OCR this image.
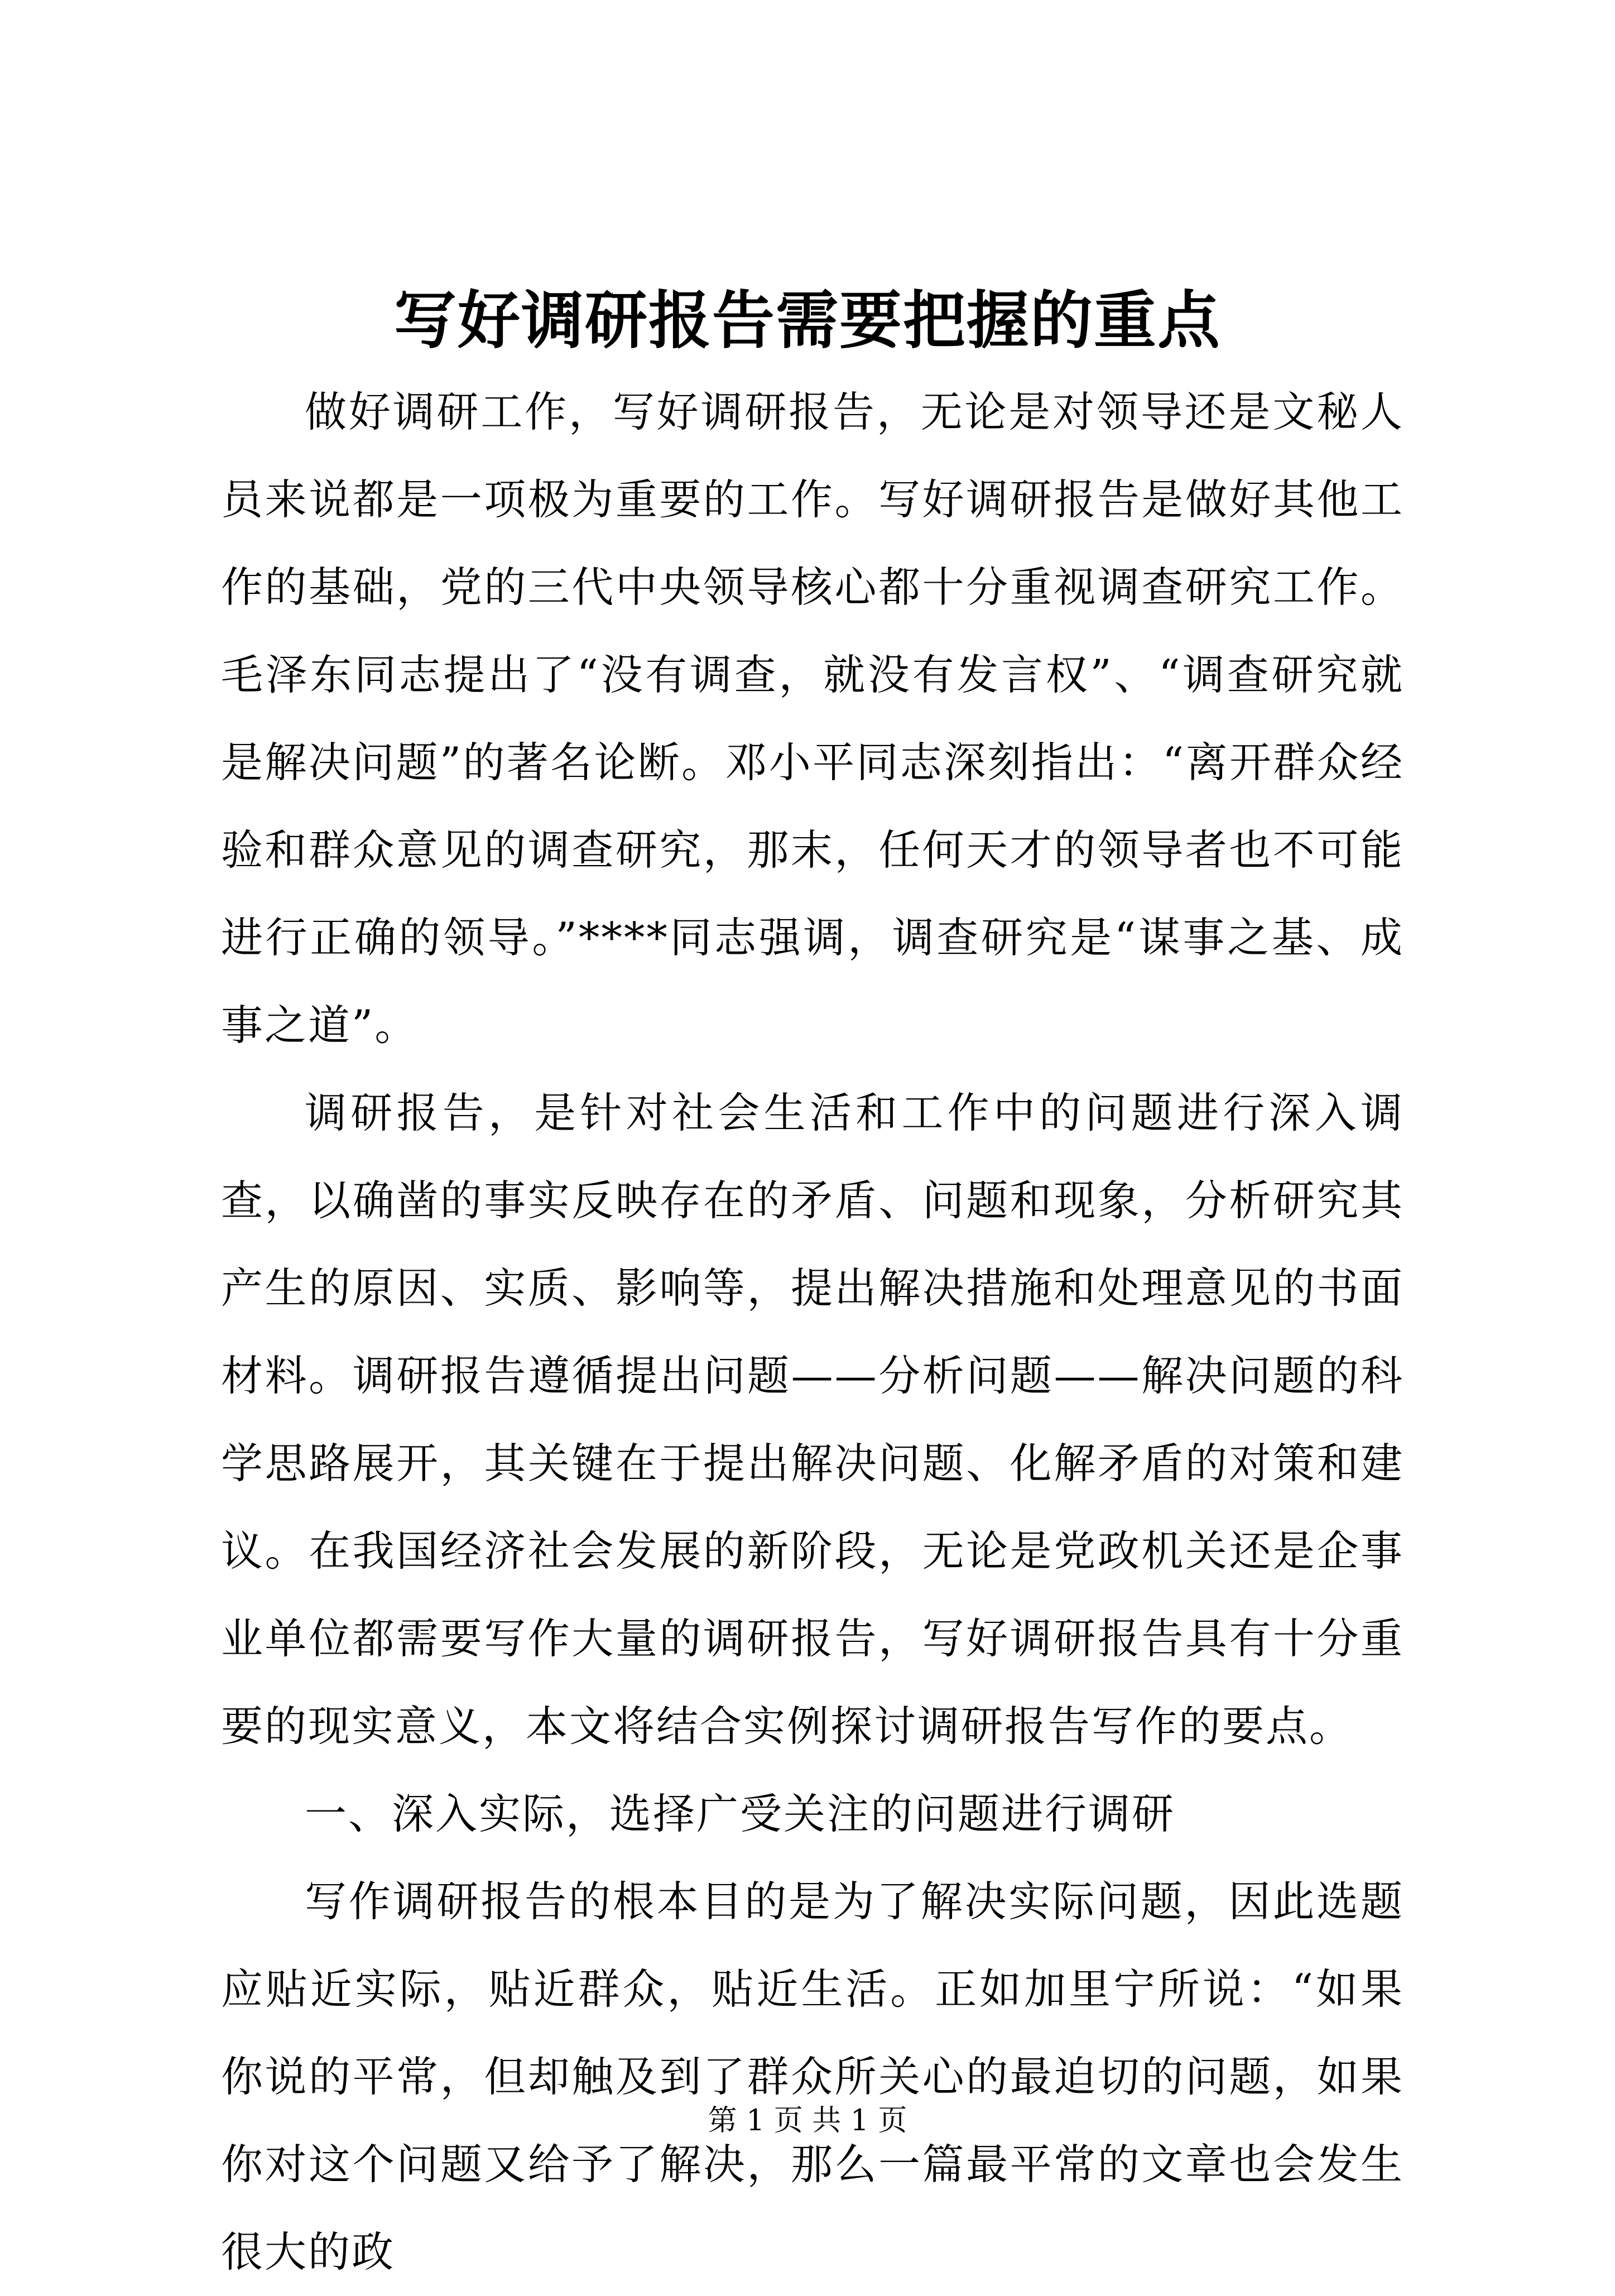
写好调研报告需要把握的重点

做好调研工作，写好调研报告，无论是对领导还是文秘人员来说都是一项极为重要的工作。写好调研报告是做好其他工作的基础，党的三代中央领导核心都十分重视调查研究工作。毛泽东同志提出了“没有调查，就没有发言权”、“调查研究就是解决问题”的著名论断。邓小平同志深刻指出：“离开群众经验和群众意见的调查研究，那末，任何天才的领导者也不可能进行正确的领导。”****同志强调，调查研究是“谋事之基、成事之道”。

调研报告，是针对社会生活和工作中的问题进行深入调查，以确凿的事实反映存在的矛盾、问题和现象，分析研究其产生的原因、实质、影响等，提出解决措施和处理意见的书面材料。调研报告遵循提出问题——分析问题——解决问题的科学思路展开，其关键在于提出解决问题、化解矛盾的对策和建议。在我国经济社会发展的新阶段，无论是党政机关还是企事业单位都需要写作大量的调研报告，写好调研报告具有十分重要的现实意义，本文将结合实例探讨调研报告写作的要点。

一、深入实际，选择广受关注的问题进行调研

写作调研报告的根本目的是为了解决实际问题，因此选题应贴近实际，贴近群众，贴近生活。正如加里宁所说：“如果你说的平常，但却触及到了群众所关心的最迫切的问题，如果你对这个问题又给予了解决，那么一篇最平常的文章也会发生很大的政

第 1 页 共 1 页
